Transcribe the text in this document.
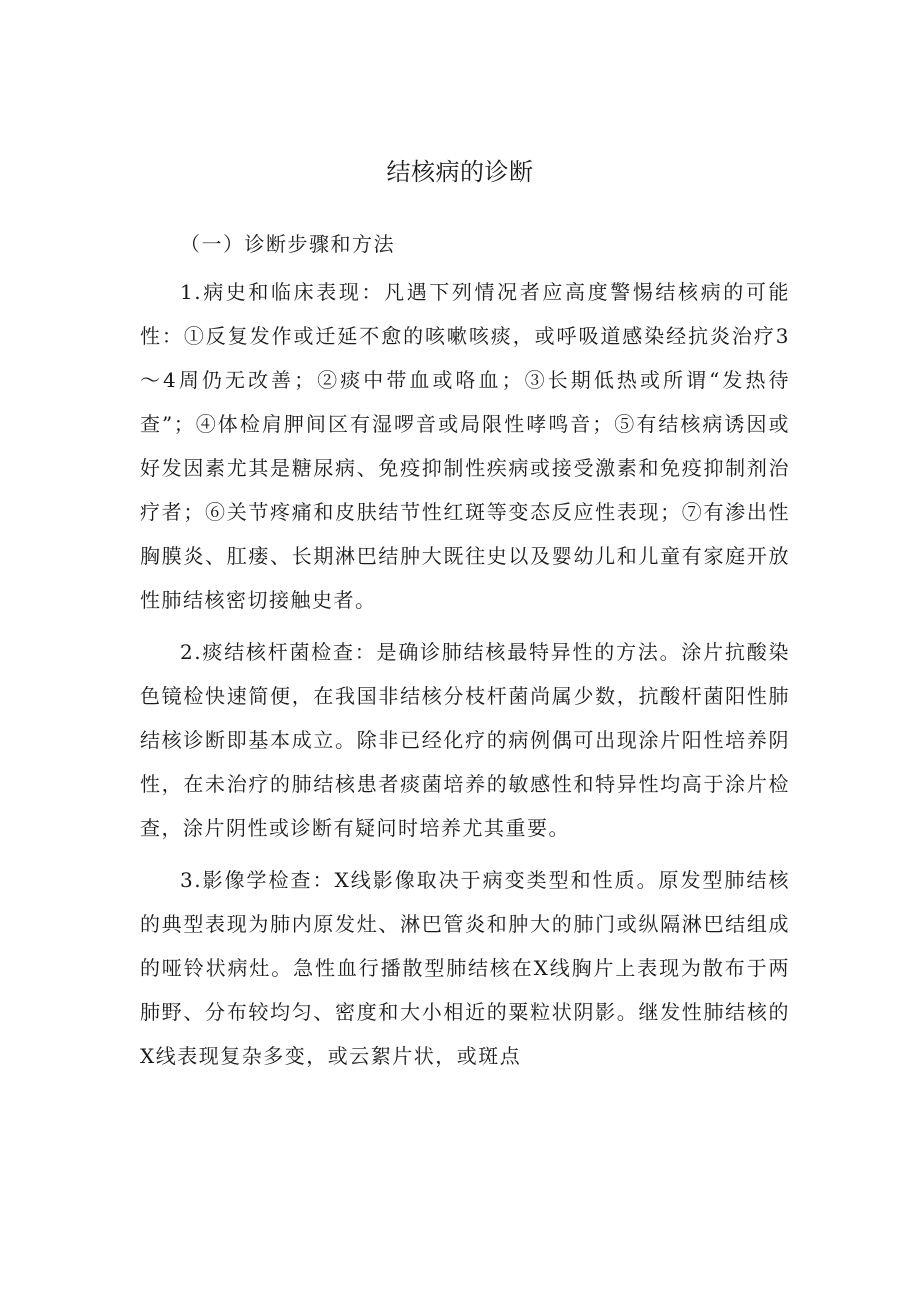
结核病的诊断

（一）诊断步骤和方法

1.病史和临床表现：凡遇下列情况者应高度警惕结核病的可能性：①反复发作或迁延不愈的咳嗽咳痰，或呼吸道感染经抗炎治疗3～4周仍无改善；②痰中带血或咯血；③长期低热或所谓“发热待查”；④体检肩胛间区有湿啰音或局限性哮鸣音；⑤有结核病诱因或好发因素尤其是糖尿病、免疫抑制性疾病或接受激素和免疫抑制剂治疗者；⑥关节疼痛和皮肤结节性红斑等变态反应性表现；⑦有渗出性胸膜炎、肛瘘、长期淋巴结肿大既往史以及婴幼儿和儿童有家庭开放性肺结核密切接触史者。

2.痰结核杆菌检查：是确诊肺结核最特异性的方法。涂片抗酸染色镜检快速简便，在我国非结核分枝杆菌尚属少数，抗酸杆菌阳性肺结核诊断即基本成立。除非已经化疗的病例偶可出现涂片阳性培养阴性，在未治疗的肺结核患者痰菌培养的敏感性和特异性均高于涂片检查，涂片阴性或诊断有疑问时培养尤其重要。

3.影像学检查：X线影像取决于病变类型和性质。原发型肺结核的典型表现为肺内原发灶、淋巴管炎和肿大的肺门或纵隔淋巴结组成的哑铃状病灶。急性血行播散型肺结核在X线胸片上表现为散布于两肺野、分布较均匀、密度和大小相近的粟粒状阴影。继发性肺结核的X线表现复杂多变，或云絮片状，或斑点
